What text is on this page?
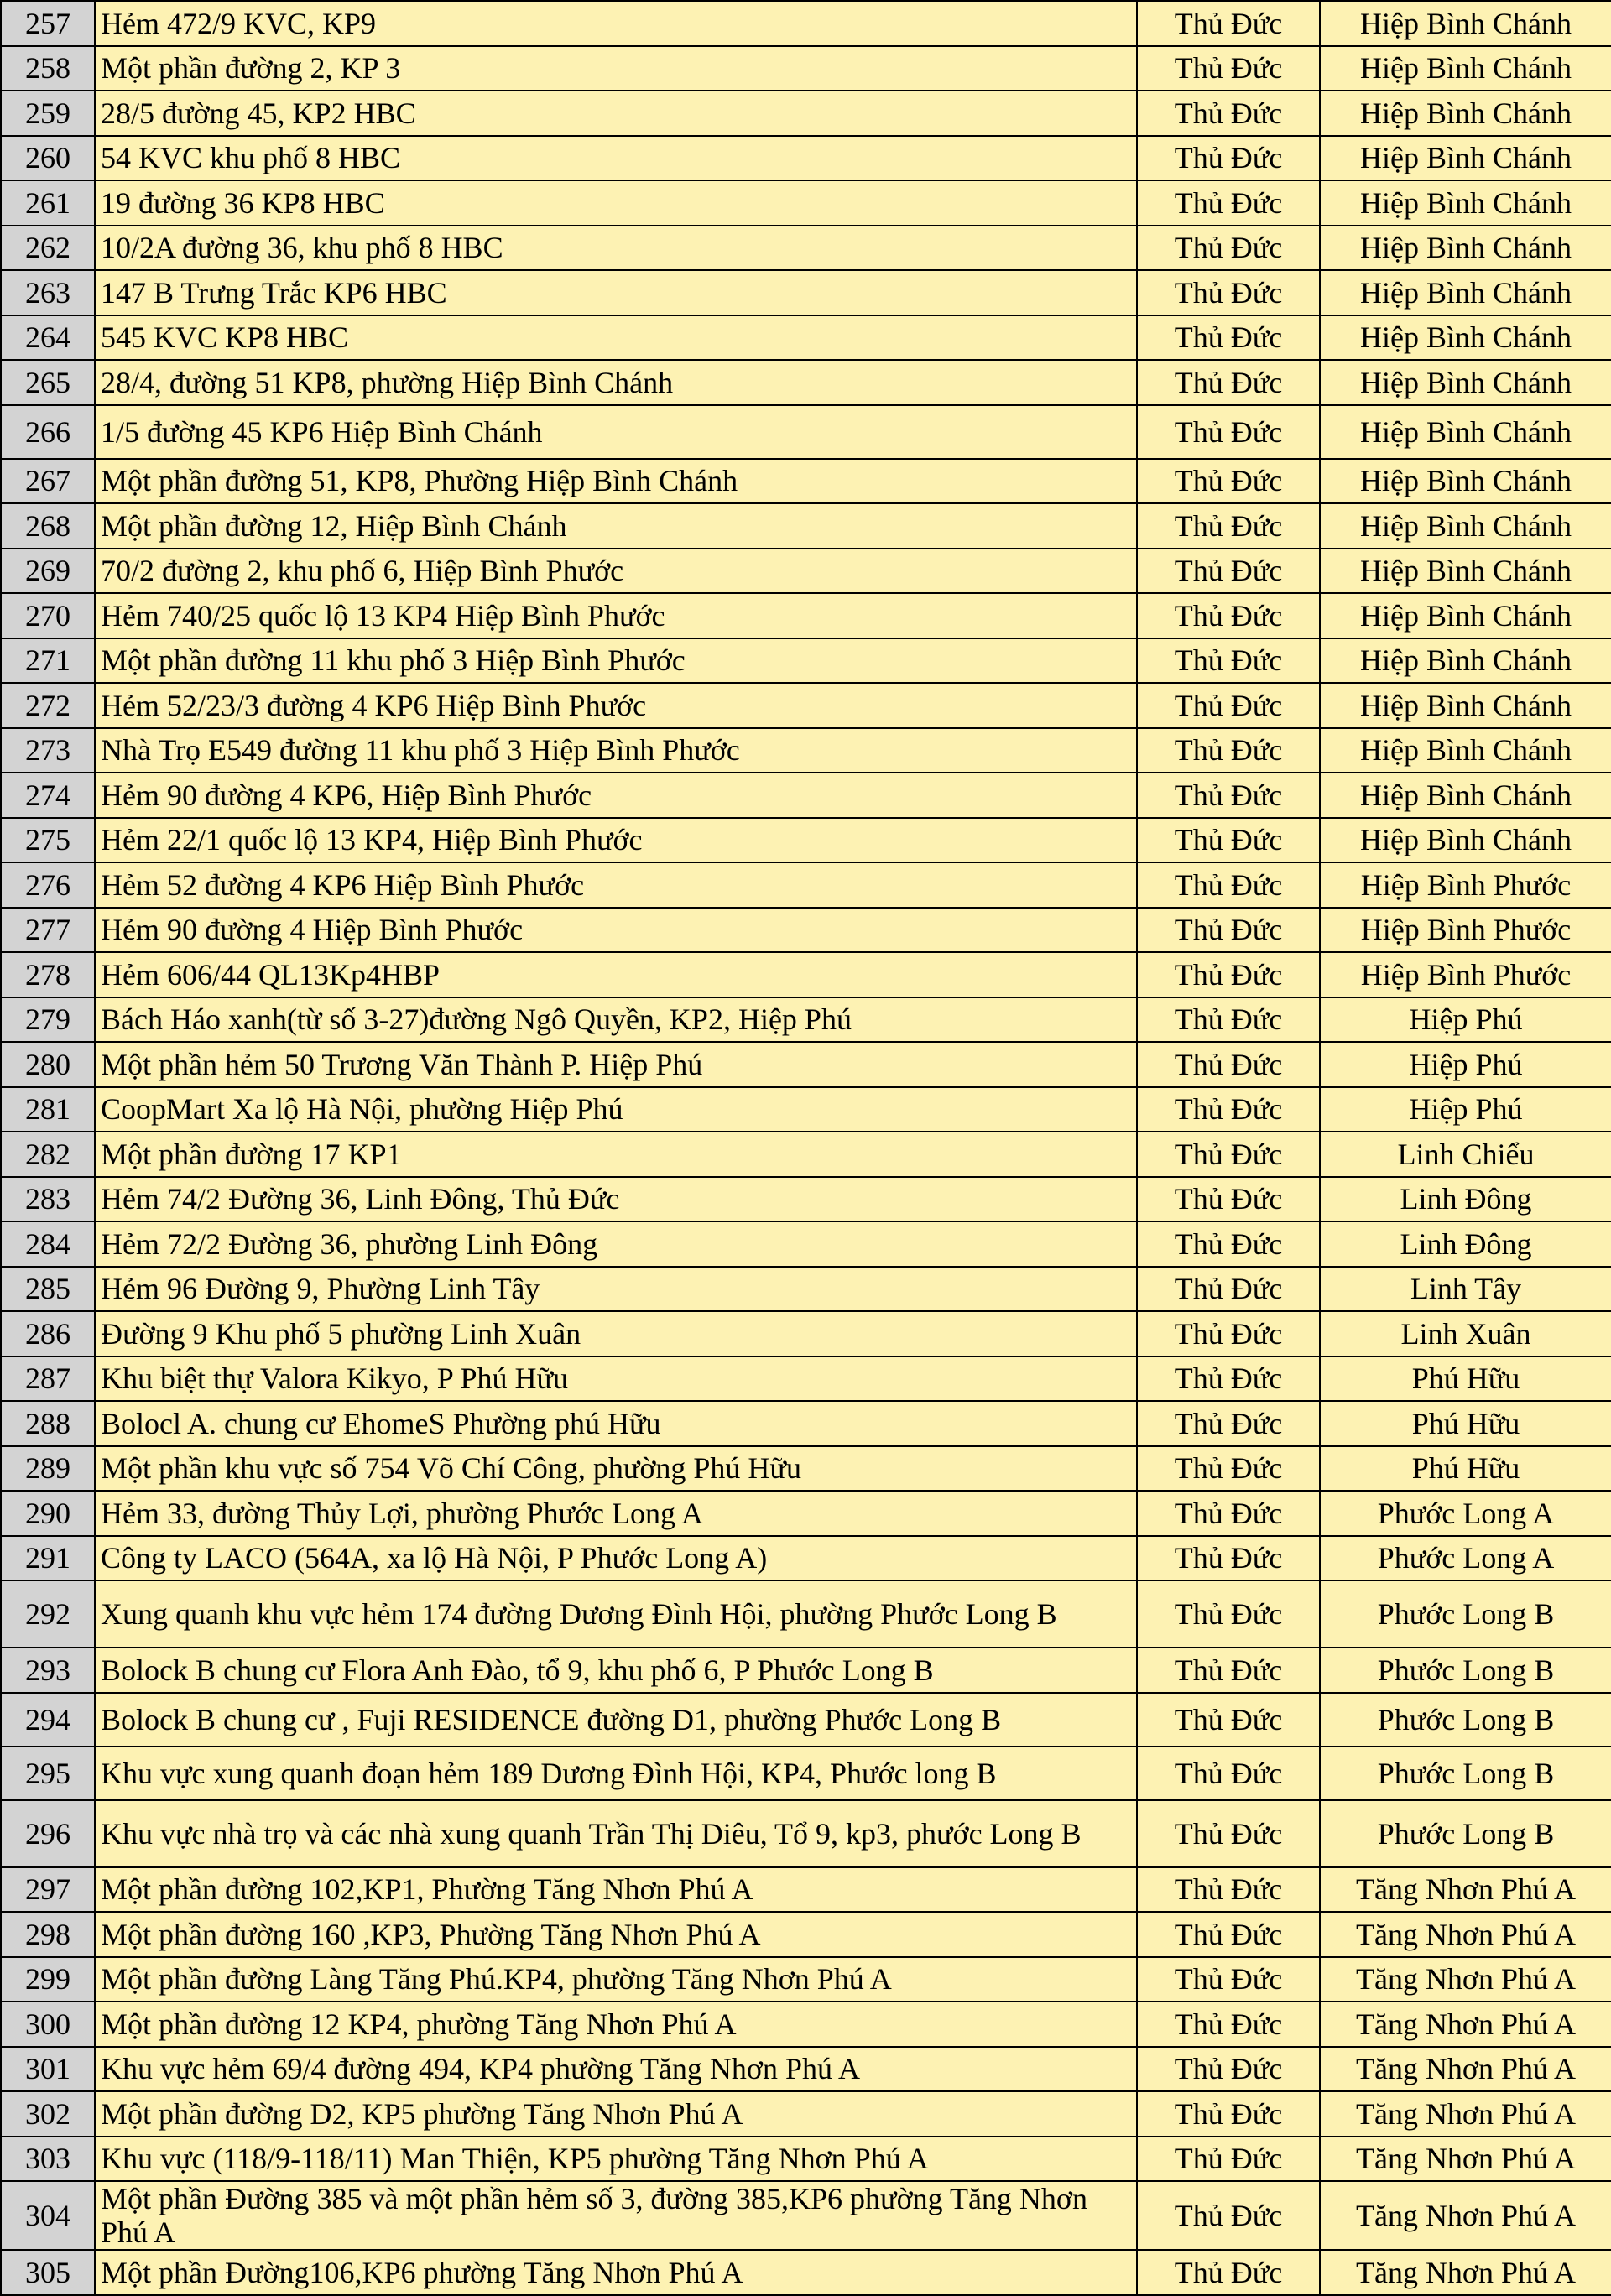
257	Hẻm 472/9 KVC, KP9	Thủ Đức	Hiệp Bình Chánh
258	Một phần đường 2, KP 3	Thủ Đức	Hiệp Bình Chánh
259	28/5 đường 45, KP2 HBC	Thủ Đức	Hiệp Bình Chánh
260	54 KVC khu phố 8 HBC	Thủ Đức	Hiệp Bình Chánh
261	19 đường 36 KP8 HBC	Thủ Đức	Hiệp Bình Chánh
262	10/2A đường 36, khu phố 8 HBC	Thủ Đức	Hiệp Bình Chánh
263	147 B Trưng Trắc KP6 HBC	Thủ Đức	Hiệp Bình Chánh
264	545 KVC KP8 HBC	Thủ Đức	Hiệp Bình Chánh
265	28/4, đường 51 KP8, phường Hiệp Bình Chánh	Thủ Đức	Hiệp Bình Chánh
266	1/5 đường 45 KP6 Hiệp Bình Chánh	Thủ Đức	Hiệp Bình Chánh
267	Một phần đường 51, KP8, Phường Hiệp Bình Chánh	Thủ Đức	Hiệp Bình Chánh
268	Một phần đường 12, Hiệp Bình Chánh	Thủ Đức	Hiệp Bình Chánh
269	70/2 đường 2, khu phố 6, Hiệp Bình Phước	Thủ Đức	Hiệp Bình Chánh
270	Hẻm 740/25 quốc lộ 13 KP4 Hiệp Bình Phước	Thủ Đức	Hiệp Bình Chánh
271	Một phần đường 11 khu phố 3 Hiệp Bình Phước	Thủ Đức	Hiệp Bình Chánh
272	Hẻm 52/23/3 đường 4 KP6 Hiệp Bình Phước	Thủ Đức	Hiệp Bình Chánh
273	Nhà Trọ E549 đường 11 khu phố 3 Hiệp Bình Phước	Thủ Đức	Hiệp Bình Chánh
274	Hẻm 90 đường 4 KP6, Hiệp Bình Phước	Thủ Đức	Hiệp Bình Chánh
275	Hẻm 22/1 quốc lộ 13 KP4, Hiệp Bình Phước	Thủ Đức	Hiệp Bình Chánh
276	Hẻm 52 đường 4 KP6 Hiệp Bình Phước	Thủ Đức	Hiệp Bình Phước
277	Hẻm 90 đường 4 Hiệp Bình Phước	Thủ Đức	Hiệp Bình Phước
278	Hẻm 606/44 QL13Kp4HBP	Thủ Đức	Hiệp Bình Phước
279	Bách Háo xanh(từ số 3-27)đường Ngô Quyền, KP2, Hiệp Phú	Thủ Đức	Hiệp Phú
280	Một phần hẻm 50 Trương Văn Thành P. Hiệp Phú	Thủ Đức	Hiệp Phú
281	CoopMart Xa lộ Hà Nội, phường Hiệp Phú	Thủ Đức	Hiệp Phú
282	Một phần đường 17 KP1	Thủ Đức	Linh Chiểu
283	Hẻm 74/2 Đường 36, Linh Đông, Thủ Đức	Thủ Đức	Linh Đông
284	Hẻm 72/2 Đường 36, phường Linh Đông	Thủ Đức	Linh Đông
285	Hẻm 96 Đường 9, Phường Linh Tây	Thủ Đức	Linh Tây
286	Đường 9 Khu phố 5 phường Linh Xuân	Thủ Đức	Linh Xuân
287	Khu biệt thự Valora Kikyo, P Phú Hữu	Thủ Đức	Phú Hữu
288	Bolocl A. chung cư EhomeS Phường phú Hữu	Thủ Đức	Phú Hữu
289	Một phần khu vực số 754 Võ Chí Công, phường Phú Hữu	Thủ Đức	Phú Hữu
290	Hẻm 33, đường Thủy Lợi, phường Phước Long A	Thủ Đức	Phước Long A
291	Công ty LACO (564A, xa lộ Hà Nội, P Phước Long A)	Thủ Đức	Phước Long A
292	Xung quanh khu vực hẻm 174 đường Dương Đình Hội, phường Phước Long B	Thủ Đức	Phước Long B
293	Bolock B chung cư Flora Anh Đào, tổ 9, khu phố 6, P Phước Long B	Thủ Đức	Phước Long B
294	Bolock B chung cư , Fuji RESIDENCE đường D1, phường Phước Long B	Thủ Đức	Phước Long B
295	Khu vực xung quanh đoạn hẻm 189 Dương Đình Hội, KP4, Phước long B	Thủ Đức	Phước Long B
296	Khu vực nhà trọ và các nhà xung quanh Trần Thị Diêu, Tổ 9, kp3, phước Long B	Thủ Đức	Phước Long B
297	Một phần đường 102,KP1, Phường Tăng Nhơn Phú A	Thủ Đức	Tăng Nhơn Phú A
298	Một phần đường 160 ,KP3, Phường Tăng Nhơn Phú A	Thủ Đức	Tăng Nhơn Phú A
299	Một phần đường Làng Tăng Phú.KP4, phường Tăng Nhơn Phú A	Thủ Đức	Tăng Nhơn Phú A
300	Một phần đường 12 KP4, phường Tăng Nhơn Phú A	Thủ Đức	Tăng Nhơn Phú A
301	Khu vực hẻm 69/4 đường 494, KP4 phường Tăng Nhơn Phú A	Thủ Đức	Tăng Nhơn Phú A
302	Một phần đường D2, KP5 phường Tăng Nhơn Phú A	Thủ Đức	Tăng Nhơn Phú A
303	Khu vực (118/9-118/11) Man Thiện, KP5 phường Tăng Nhơn Phú A	Thủ Đức	Tăng Nhơn Phú A
304	Một phần Đường 385 và một phần hẻm số 3, đường 385,KP6 phường Tăng Nhơn Phú A	Thủ Đức	Tăng Nhơn Phú A
305	Một phần Đường106,KP6 phường Tăng Nhơn Phú A	Thủ Đức	Tăng Nhơn Phú A
